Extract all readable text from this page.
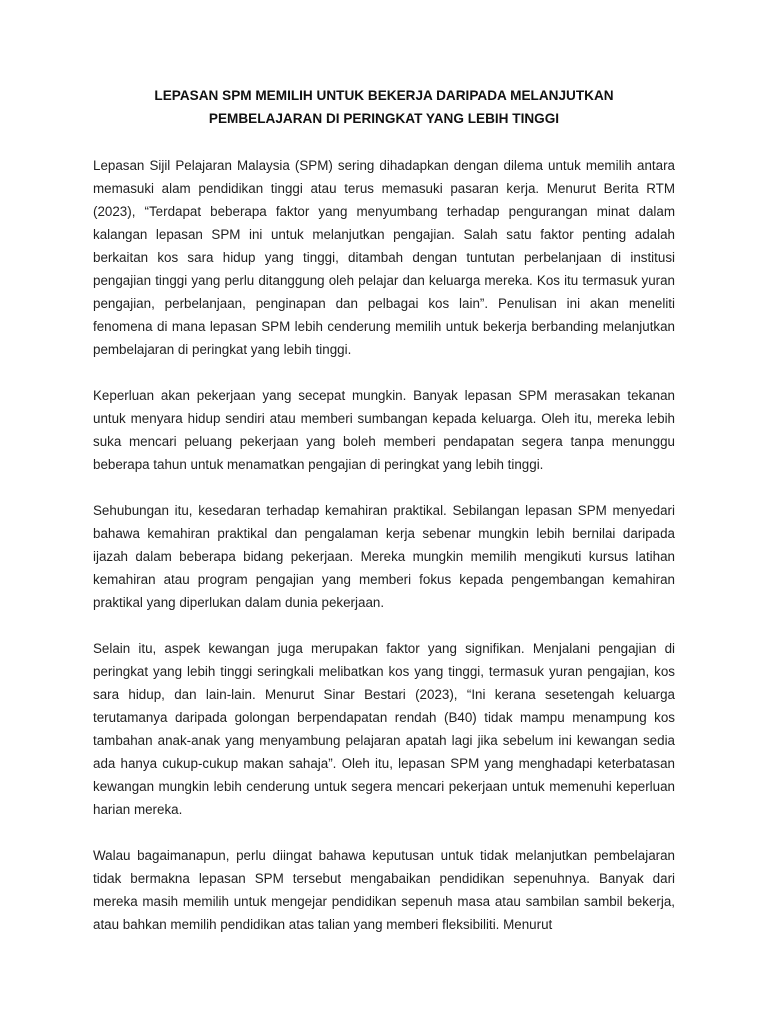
LEPASAN SPM MEMILIH UNTUK BEKERJA DARIPADA MELANJUTKAN
PEMBELAJARAN DI PERINGKAT YANG LEBIH TINGGI

Lepasan Sijil Pelajaran Malaysia (SPM) sering dihadapkan dengan dilema untuk memilih antara memasuki alam pendidikan tinggi atau terus memasuki pasaran kerja. Menurut Berita RTM (2023), “Terdapat beberapa faktor yang menyumbang terhadap pengurangan minat dalam kalangan lepasan SPM ini untuk melanjutkan pengajian. Salah satu faktor penting adalah berkaitan kos sara hidup yang tinggi, ditambah dengan tuntutan perbelanjaan di institusi pengajian tinggi yang perlu ditanggung oleh pelajar dan keluarga mereka. Kos itu termasuk yuran pengajian, perbelanjaan, penginapan dan pelbagai kos lain”. Penulisan ini akan meneliti fenomena di mana lepasan SPM lebih cenderung memilih untuk bekerja berbanding melanjutkan pembelajaran di peringkat yang lebih tinggi.

Keperluan akan pekerjaan yang secepat mungkin. Banyak lepasan SPM merasakan tekanan untuk menyara hidup sendiri atau memberi sumbangan kepada keluarga. Oleh itu, mereka lebih suka mencari peluang pekerjaan yang boleh memberi pendapatan segera tanpa menunggu beberapa tahun untuk menamatkan pengajian di peringkat yang lebih tinggi.

Sehubungan itu, kesedaran terhadap kemahiran praktikal. Sebilangan lepasan SPM menyedari bahawa kemahiran praktikal dan pengalaman kerja sebenar mungkin lebih bernilai daripada ijazah dalam beberapa bidang pekerjaan. Mereka mungkin memilih mengikuti kursus latihan kemahiran atau program pengajian yang memberi fokus kepada pengembangan kemahiran praktikal yang diperlukan dalam dunia pekerjaan.

Selain itu, aspek kewangan juga merupakan faktor yang signifikan. Menjalani pengajian di peringkat yang lebih tinggi seringkali melibatkan kos yang tinggi, termasuk yuran pengajian, kos sara hidup, dan lain-lain. Menurut Sinar Bestari (2023), “Ini kerana sesetengah keluarga terutamanya daripada golongan berpendapatan rendah (B40) tidak mampu menampung kos tambahan anak-anak yang menyambung pelajaran apatah lagi jika sebelum ini kewangan sedia ada hanya cukup-cukup makan sahaja”. Oleh itu, lepasan SPM yang menghadapi keterbatasan kewangan mungkin lebih cenderung untuk segera mencari pekerjaan untuk memenuhi keperluan harian mereka.

Walau bagaimanapun, perlu diingat bahawa keputusan untuk tidak melanjutkan pembelajaran tidak bermakna lepasan SPM tersebut mengabaikan pendidikan sepenuhnya. Banyak dari mereka masih memilih untuk mengejar pendidikan sepenuh masa atau sambilan sambil bekerja, atau bahkan memilih pendidikan atas talian yang memberi fleksibiliti. Menurut
